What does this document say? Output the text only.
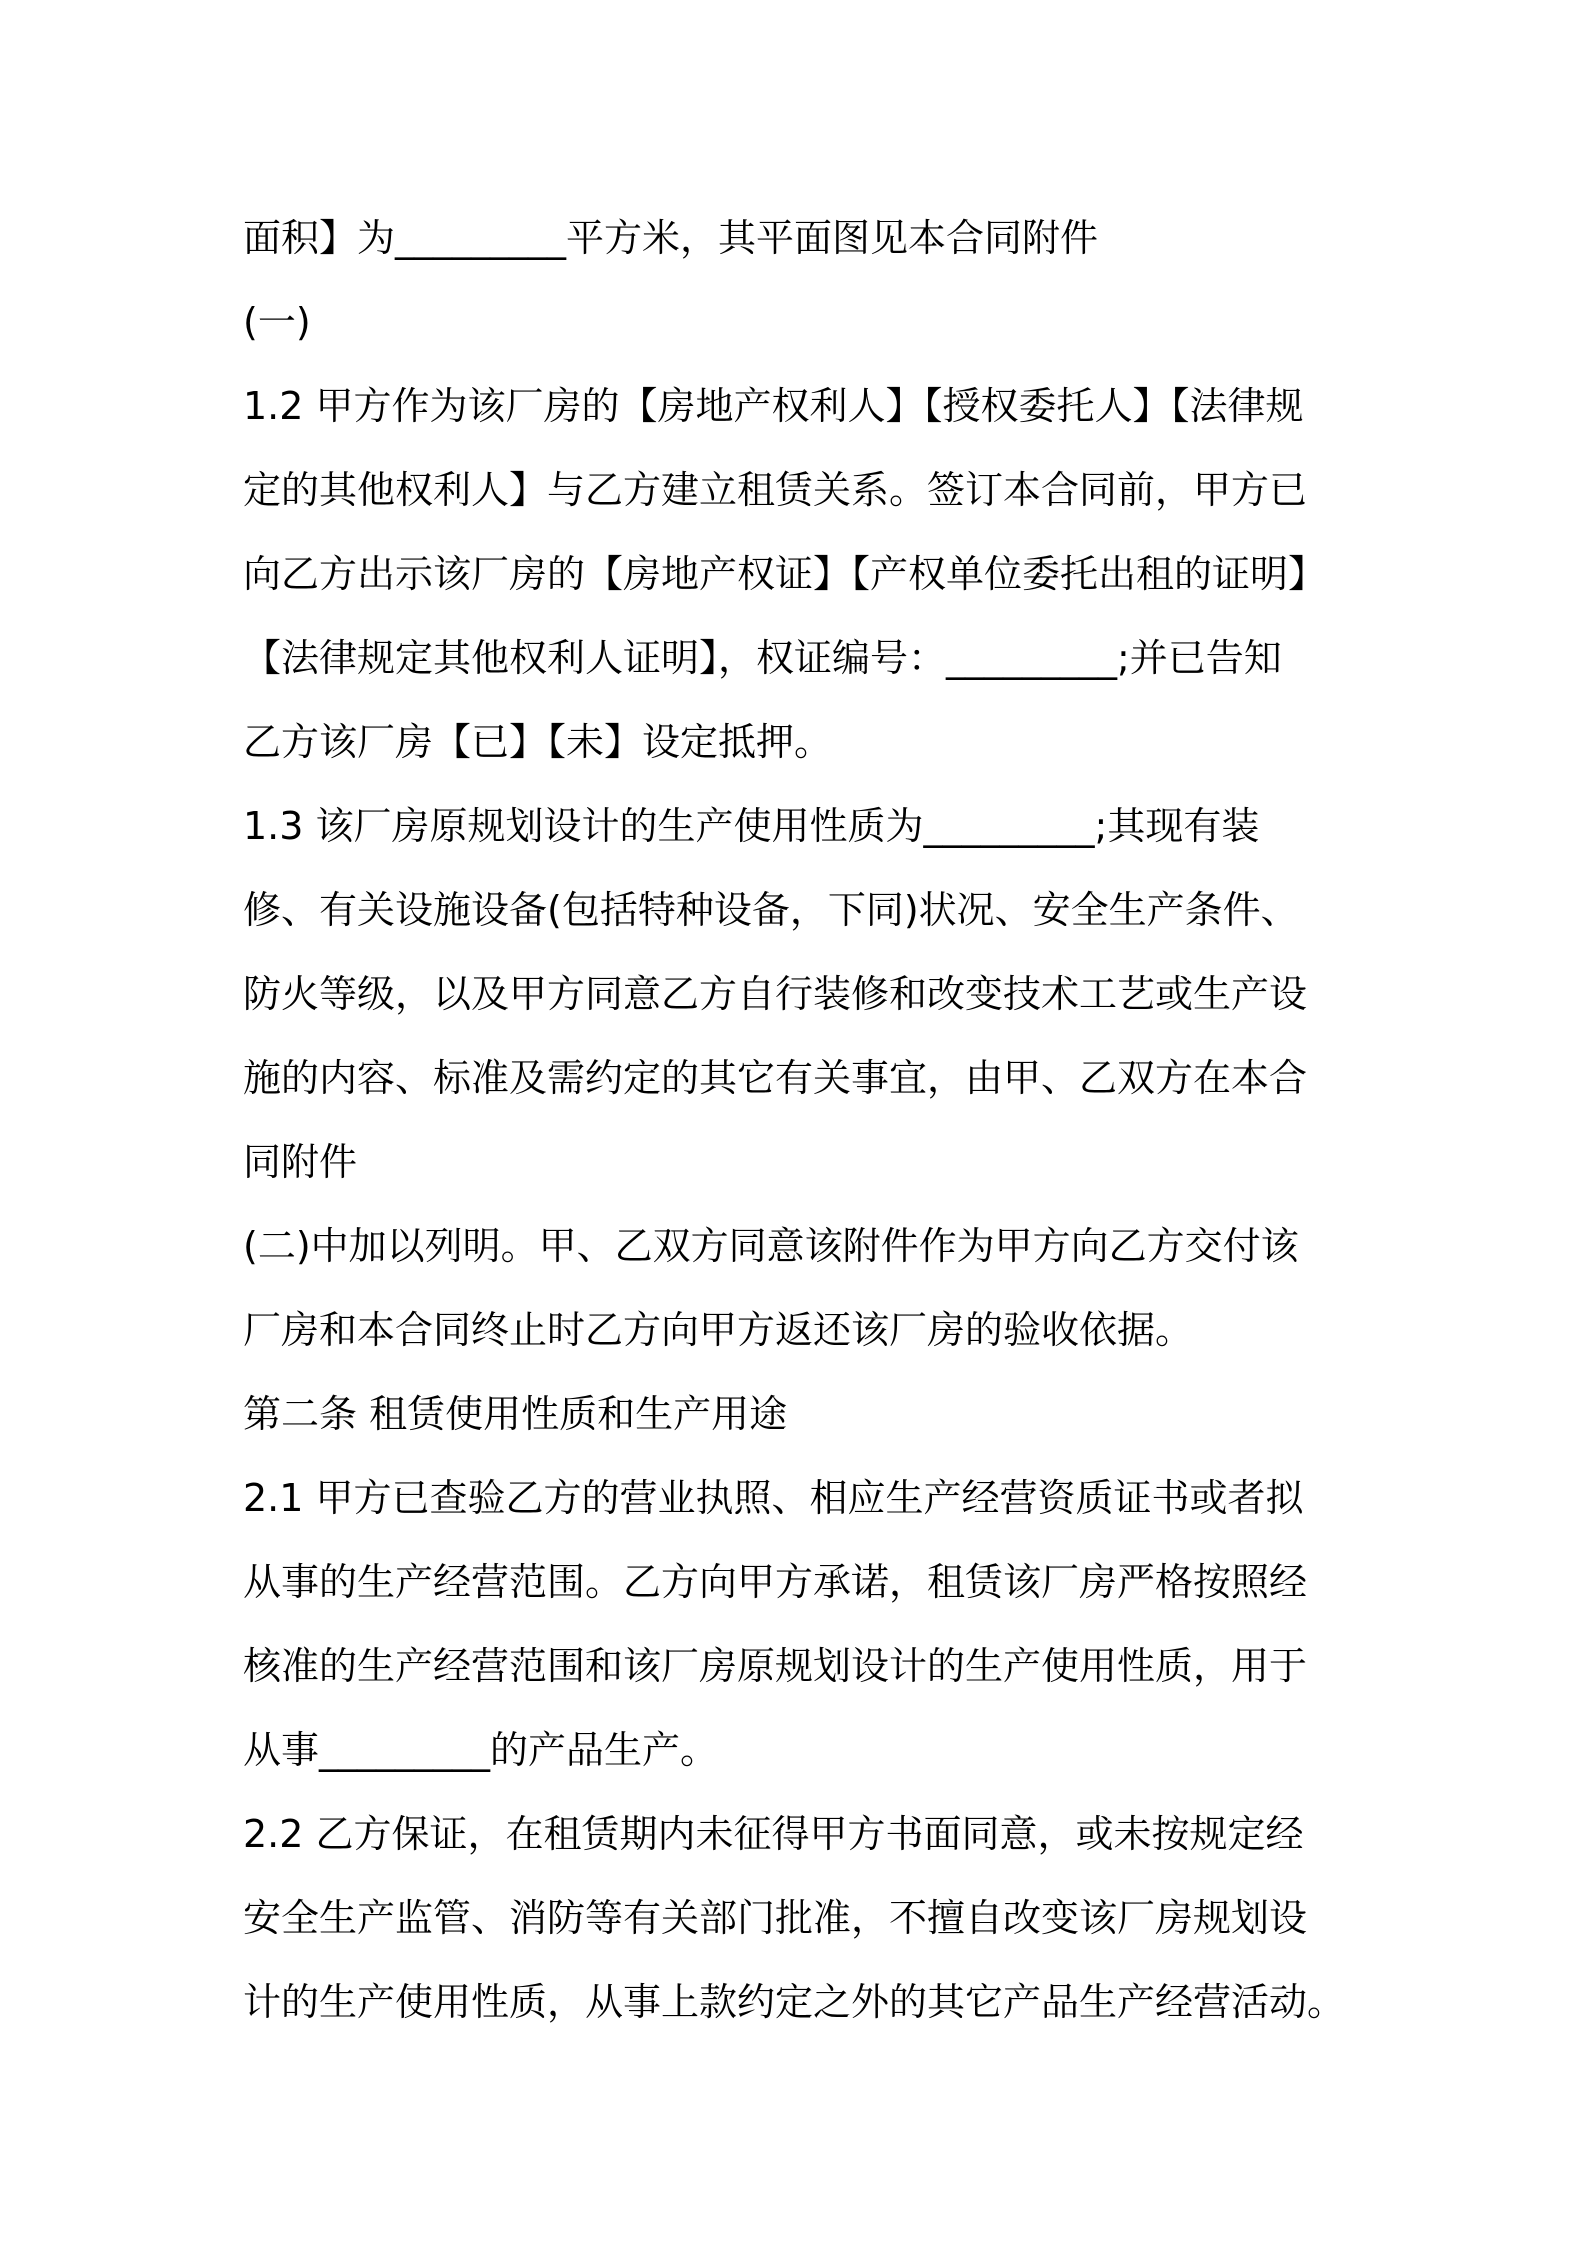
面积】为_________平方米，其平面图见本合同附件
(一)
1.2 甲方作为该厂房的【房地产权利人】【授权委托人】【法律规
定的其他权利人】与乙方建立租赁关系。签订本合同前，甲方已
向乙方出示该厂房的【房地产权证】【产权单位委托出租的证明】
【法律规定其他权利人证明】，权证编号：_________;并已告知
乙方该厂房【已】【未】设定抵押。
1.3 该厂房原规划设计的生产使用性质为_________;其现有装
修、有关设施设备(包括特种设备，下同)状况、安全生产条件、
防火等级，以及甲方同意乙方自行装修和改变技术工艺或生产设
施的内容、标准及需约定的其它有关事宜，由甲、乙双方在本合
同附件
(二)中加以列明。甲、乙双方同意该附件作为甲方向乙方交付该
厂房和本合同终止时乙方向甲方返还该厂房的验收依据。
第二条 租赁使用性质和生产用途
2.1 甲方已查验乙方的营业执照、相应生产经营资质证书或者拟
从事的生产经营范围。乙方向甲方承诺，租赁该厂房严格按照经
核准的生产经营范围和该厂房原规划设计的生产使用性质，用于
从事_________的产品生产。
2.2 乙方保证，在租赁期内未征得甲方书面同意，或未按规定经
安全生产监管、消防等有关部门批准，不擅自改变该厂房规划设
计的生产使用性质，从事上款约定之外的其它产品生产经营活动。
